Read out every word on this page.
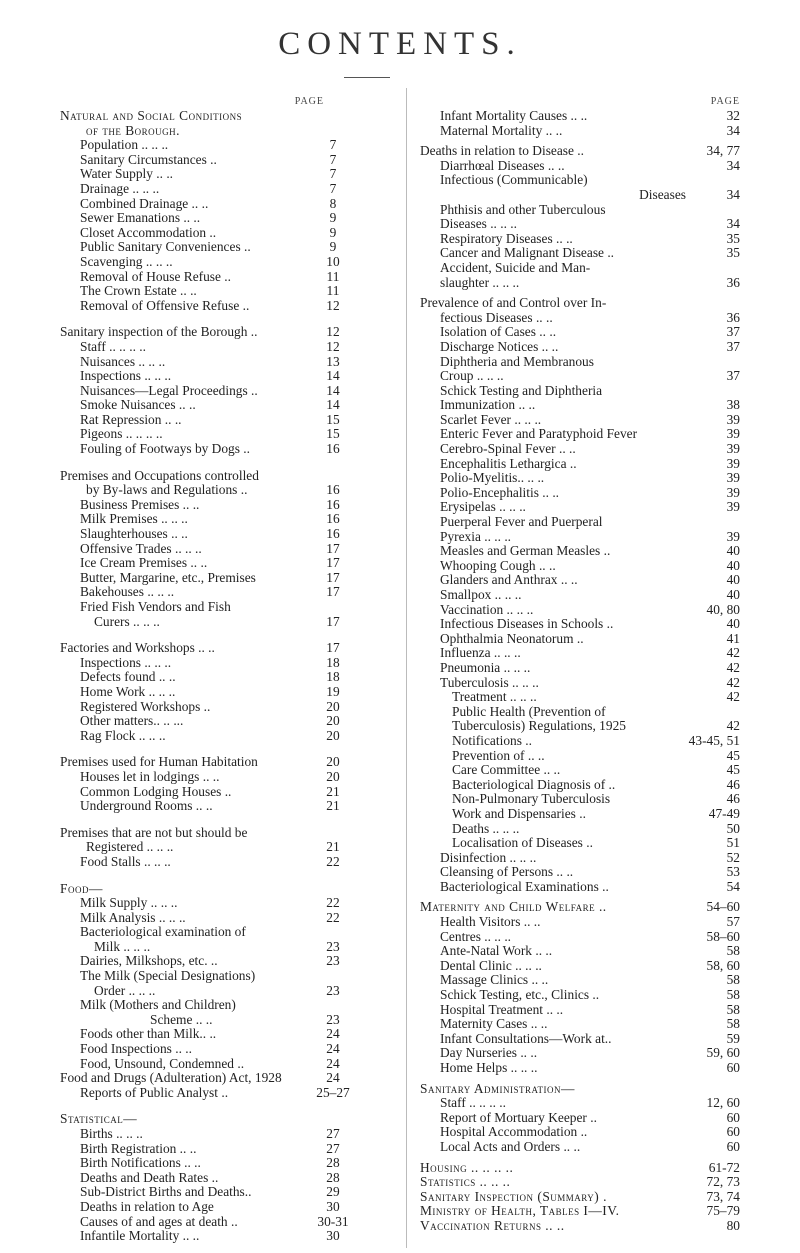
CONTENTS.
PAGE
Natural and Social Conditions
of the Borough.
Population .. .. ..	7
Sanitary Circumstances ..	7
Water Supply .. ..	7
Drainage .. .. ..	7
Combined Drainage .. ..	8
Sewer Emanations .. ..	9
Closet Accommodation ..	9
Public Sanitary Conveniences ..	9
Scavenging .. .. ..	10
Removal of House Refuse ..	11
The Crown Estate .. ..	11
Removal of Offensive Refuse ..	12
Sanitary inspection of the Borough ..	12
Staff .. .. .. ..	12
Nuisances .. .. ..	13
Inspections .. .. ..	14
Nuisances—Legal Proceedings ..	14
Smoke Nuisances .. ..	14
Rat Repression .. ..	15
Pigeons .. .. .. ..	15
Fouling of Footways by Dogs ..	16
Premises and Occupations controlled
by By-laws and Regulations ..	16
Business Premises .. ..	16
Milk Premises .. .. ..	16
Slaughterhouses .. ..	16
Offensive Trades .. .. ..	17
Ice Cream Premises .. ..	17
Butter, Margarine, etc., Premises	17
Bakehouses .. .. ..	17
Fried Fish Vendors and Fish
Curers .. .. ..	17
Factories and Workshops .. ..	17
Inspections .. .. ..	18
Defects found .. ..	18
Home Work .. .. ..	19
Registered Workshops ..	20
Other matters.. .. ...	20
Rag Flock .. .. ..	20
Premises used for Human Habitation	20
Houses let in lodgings .. ..	20
Common Lodging Houses ..	21
Underground Rooms .. ..	21
Premises that are not but should be
Registered .. .. ..	21
Food Stalls .. .. ..	22
Food—
Milk Supply .. .. ..	22
Milk Analysis .. .. ..	22
Bacteriological examination of
Milk .. .. ..	23
Dairies, Milkshops, etc. ..	23
The Milk (Special Designations)
Order .. .. ..	23
Milk (Mothers and Children)
Scheme .. ..	23
Foods other than Milk.. ..	24
Food Inspections .. ..	24
Food, Unsound, Condemned ..	24
Food and Drugs (Adulteration) Act, 1928	24
Reports of Public Analyst ..	25–27
Statistical—
Births .. .. ..	27
Birth Registration .. ..	27
Birth Notifications .. ..	28
Deaths and Death Rates ..	28
Sub-District Births and Deaths..	29
Deaths in relation to Age	30
Causes of and ages at death ..	30-31
Infantile Mortality .. ..	30
PAGE
Infant Mortality Causes .. ..	32
Maternal Mortality .. ..	34
Deaths in relation to Disease ..	34, 77
Diarrhœal Diseases .. ..	34
Infectious (Communicable)
Diseases	34
Phthisis and other Tuberculous
Diseases .. .. ..	34
Respiratory Diseases .. ..	35
Cancer and Malignant Disease ..	35
Accident, Suicide and Man-
slaughter .. .. ..	36
Prevalence of and Control over In-
fectious Diseases .. ..	36
Isolation of Cases .. ..	37
Discharge Notices .. ..	37
Diphtheria and Membranous
Croup .. .. ..	37
Schick Testing and Diphtheria
Immunization .. ..	38
Scarlet Fever .. .. ..	39
Enteric Fever and Paratyphoid Fever	39
Cerebro-Spinal Fever .. ..	39
Encephalitis Lethargica ..	39
Polio-Myelitis.. .. ..	39
Polio-Encephalitis .. ..	39
Erysipelas .. .. ..	39
Puerperal Fever and Puerperal
Pyrexia .. .. ..	39
Measles and German Measles ..	40
Whooping Cough .. ..	40
Glanders and Anthrax .. ..	40
Smallpox .. .. ..	40
Vaccination .. .. ..	40, 80
Infectious Diseases in Schools ..	40
Ophthalmia Neonatorum ..	41
Influenza .. .. ..	42
Pneumonia .. .. ..	42
Tuberculosis .. .. ..	42
Treatment .. .. ..	42
Public Health (Prevention of
Tuberculosis) Regulations, 1925	42
Notifications ..	43-45, 51
Prevention of .. ..	45
Care Committee .. ..	45
Bacteriological Diagnosis of ..	46
Non-Pulmonary Tuberculosis	46
Work and Dispensaries ..	47-49
Deaths .. .. ..	50
Localisation of Diseases ..	51
Disinfection .. .. ..	52
Cleansing of Persons .. ..	53
Bacteriological Examinations ..	54
Maternity and Child Welfare ..	54–60
Health Visitors .. ..	57
Centres .. .. ..	58–60
Ante-Natal Work .. ..	58
Dental Clinic .. .. ..	58, 60
Massage Clinics .. ..	58
Schick Testing, etc., Clinics ..	58
Hospital Treatment .. ..	58
Maternity Cases .. ..	58
Infant Consultations—Work at..	59
Day Nurseries .. ..	59, 60
Home Helps .. .. ..	60
Sanitary Administration—
Staff .. .. .. ..	12, 60
Report of Mortuary Keeper ..	60
Hospital Accommodation ..	60
Local Acts and Orders .. ..	60
Housing .. .. .. ..	61-72
Statistics .. .. ..	72, 73
Sanitary Inspection (Summary) .	73, 74
Ministry of Health, Tables I—IV.	75–79
Vaccination Returns .. ..	80
